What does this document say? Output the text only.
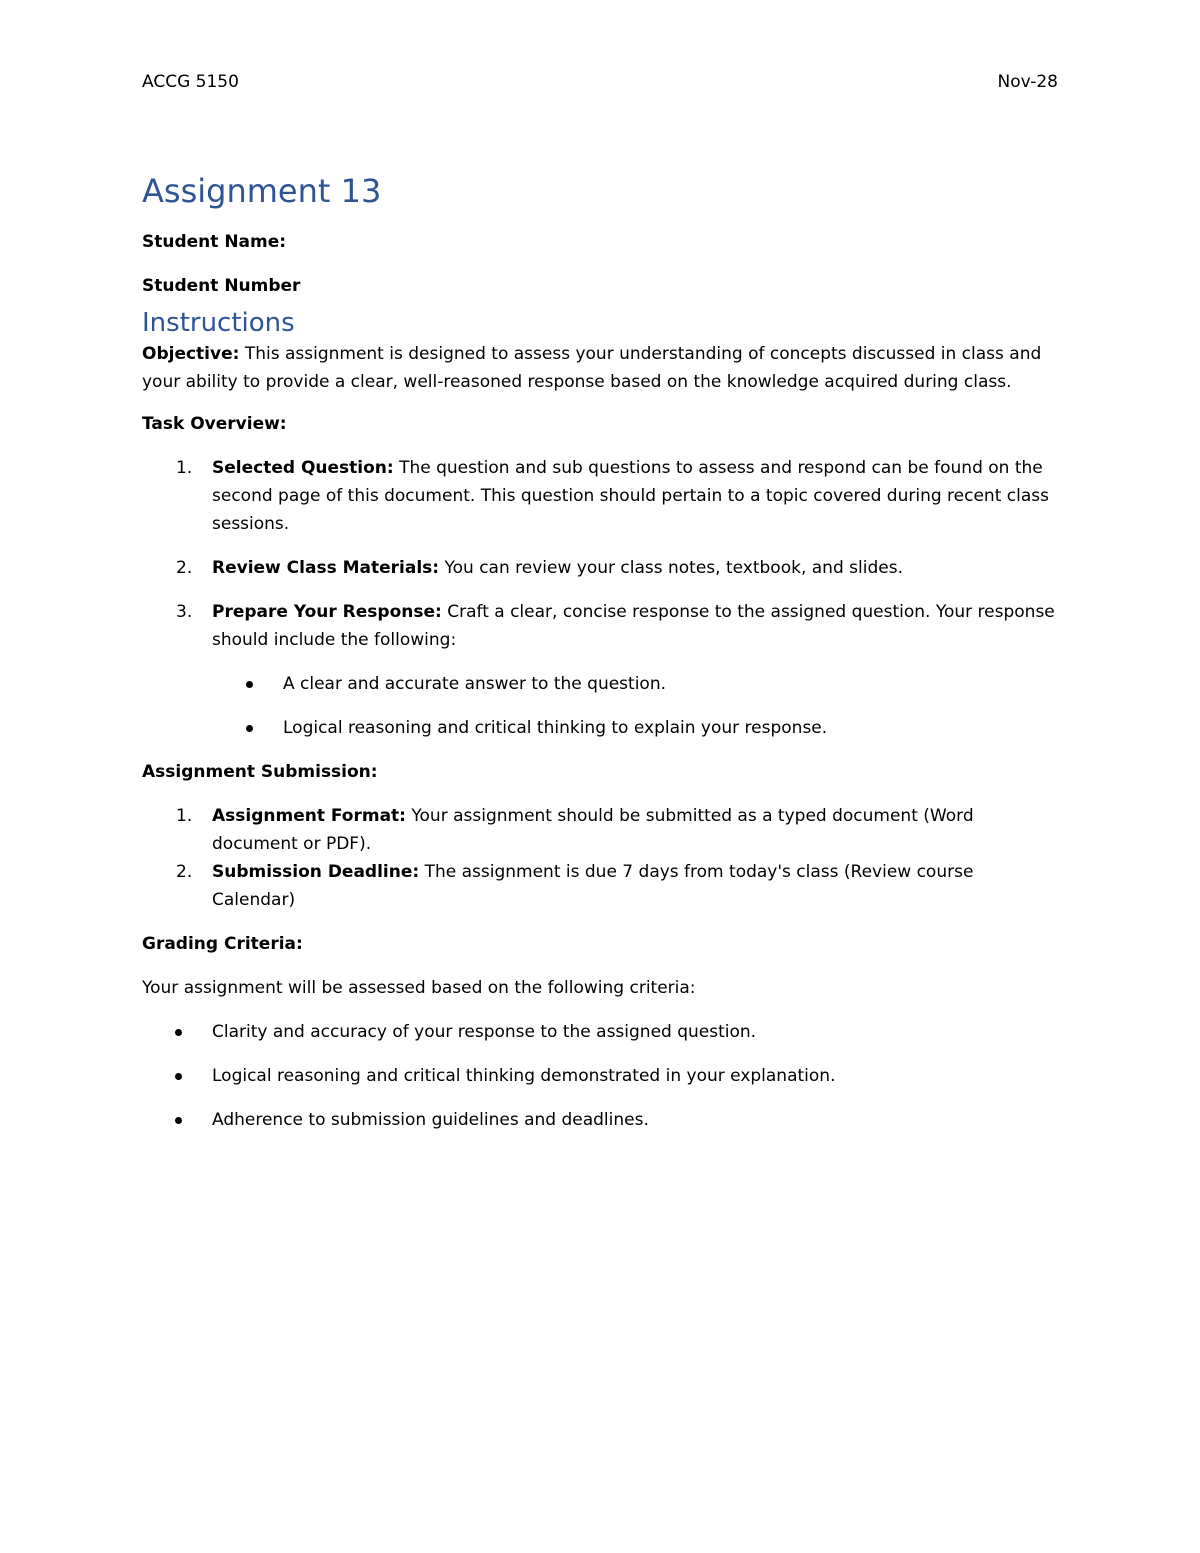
ACCG 5150	Nov-28
Assignment 13

Student Name:

Student Number

Instructions

Objective: This assignment is designed to assess your understanding of concepts discussed in class and your ability to provide a clear, well-reasoned response based on the knowledge acquired during class.

Task Overview:

1. Selected Question: The question and sub questions to assess and respond can be found on the second page of this document. This question should pertain to a topic covered during recent class sessions.
2. Review Class Materials: You can review your class notes, textbook, and slides.
3. Prepare Your Response: Craft a clear, concise response to the assigned question. Your response should include the following:
A clear and accurate answer to the question.
Logical reasoning and critical thinking to explain your response.

Assignment Submission:

1. Assignment Format: Your assignment should be submitted as a typed document (Word document or PDF).
2. Submission Deadline: The assignment is due 7 days from today's class (Review course Calendar)

Grading Criteria:

Your assignment will be assessed based on the following criteria:

Clarity and accuracy of your response to the assigned question.
Logical reasoning and critical thinking demonstrated in your explanation.
Adherence to submission guidelines and deadlines.
